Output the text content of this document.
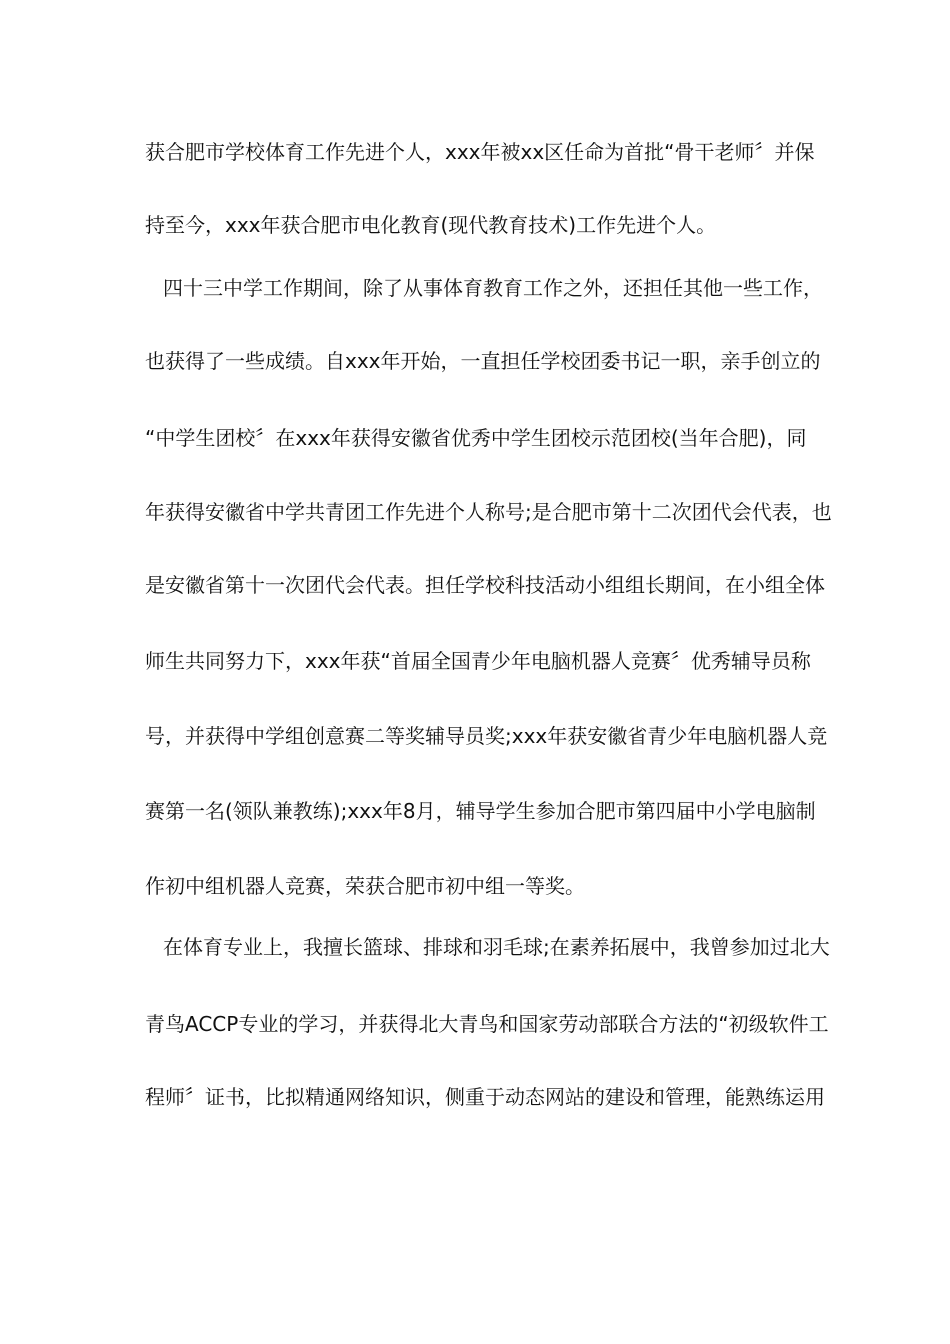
获合肥市学校体育工作先进个人，xxx年被xx区任命为首批“骨干老师〞并保
持至今，xxx年获合肥市电化教育(现代教育技术)工作先进个人。
四十三中学工作期间，除了从事体育教育工作之外，还担任其他一些工作，
也获得了一些成绩。自xxx年开始，一直担任学校团委书记一职，亲手创立的
“中学生团校〞在xxx年获得安徽省优秀中学生团校示范团校(当年合肥)，同
年获得安徽省中学共青团工作先进个人称号;是合肥市第十二次团代会代表，也
是安徽省第十一次团代会代表。担任学校科技活动小组组长期间，在小组全体
师生共同努力下，xxx年获“首届全国青少年电脑机器人竞赛〞优秀辅导员称
号，并获得中学组创意赛二等奖辅导员奖;xxx年获安徽省青少年电脑机器人竞
赛第一名(领队兼教练);xxx年8月，辅导学生参加合肥市第四届中小学电脑制
作初中组机器人竞赛，荣获合肥市初中组一等奖。
在体育专业上，我擅长篮球、排球和羽毛球;在素养拓展中，我曾参加过北大
青鸟ACCP专业的学习，并获得北大青鸟和国家劳动部联合方法的“初级软件工
程师〞证书，比拟精通网络知识，侧重于动态网站的建设和管理，能熟练运用
